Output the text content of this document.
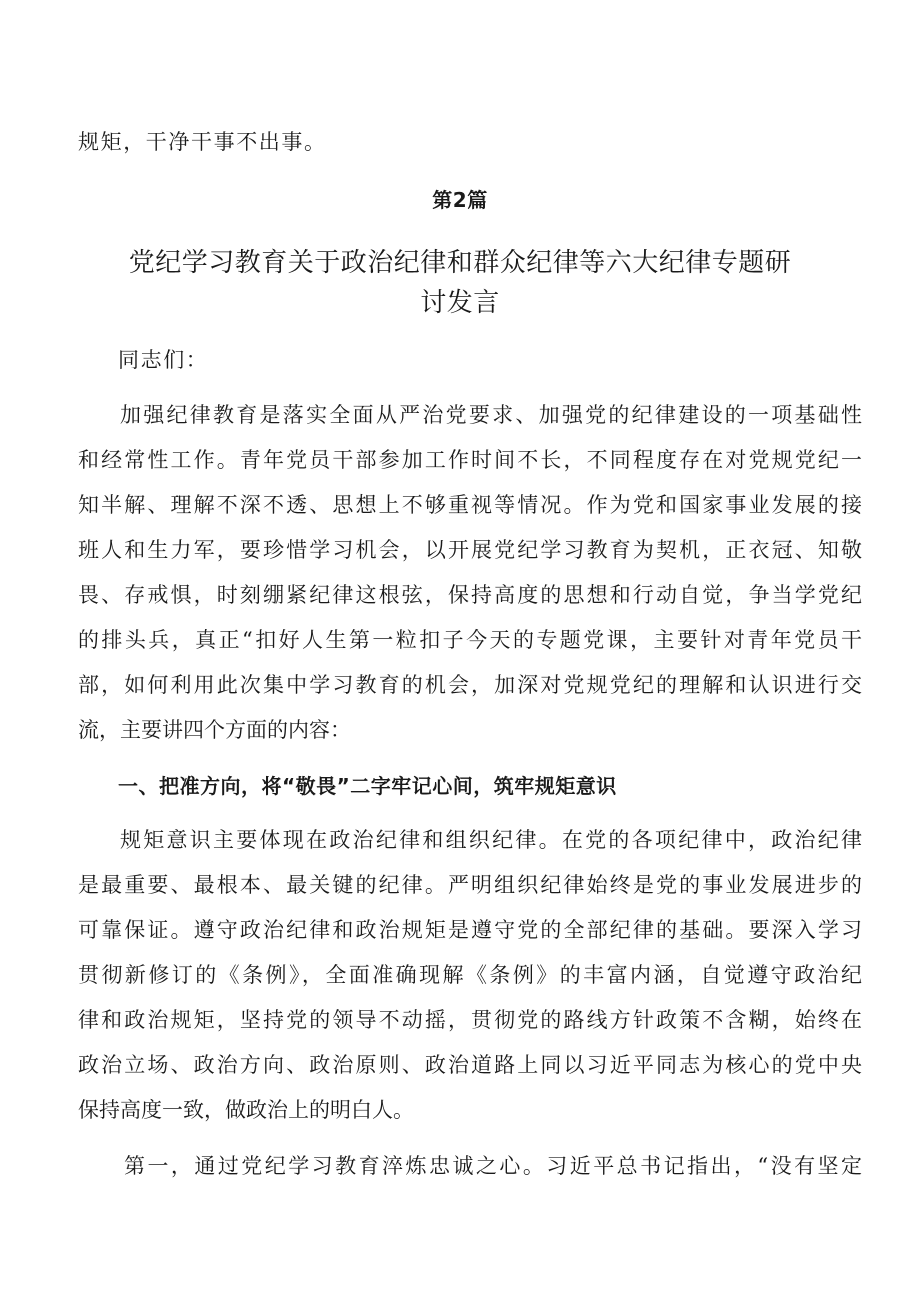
规矩，干净干事不出事。
第2篇
党纪学习教育关于政治纪律和群众纪律等六大纪律专题研
讨发言
同志们：
加强纪律教育是落实全面从严治党要求、加强党的纪律建设的一项基础性
和经常性工作。青年党员干部参加工作时间不长，不同程度存在对党规党纪一
知半解、理解不深不透、思想上不够重视等情况。作为党和国家事业发展的接
班人和生力军，要珍惜学习机会，以开展党纪学习教育为契机，正衣冠、知敬
畏、存戒惧，时刻绷紧纪律这根弦，保持高度的思想和行动自觉，争当学党纪
的排头兵，真正“扣好人生第一粒扣子今天的专题党课，主要针对青年党员干
部，如何利用此次集中学习教育的机会，加深对党规党纪的理解和认识进行交
流，主要讲四个方面的内容：
一、把准方向，将“敬畏”二字牢记心间，筑牢规矩意识
规矩意识主要体现在政治纪律和组织纪律。在党的各项纪律中，政治纪律
是最重要、最根本、最关键的纪律。严明组织纪律始终是党的事业发展进步的
可靠保证。遵守政治纪律和政治规矩是遵守党的全部纪律的基础。要深入学习
贯彻新修订的《条例》，全面准确现解《条例》的丰富内涵，自觉遵守政治纪
律和政治规矩，坚持党的领导不动摇，贯彻党的路线方针政策不含糊，始终在
政治立场、政治方向、政治原则、政治道路上同以习近平同志为核心的党中央
保持高度一致，做政治上的明白人。
第一，通过党纪学习教育淬炼忠诚之心。习近平总书记指出，“没有坚定
